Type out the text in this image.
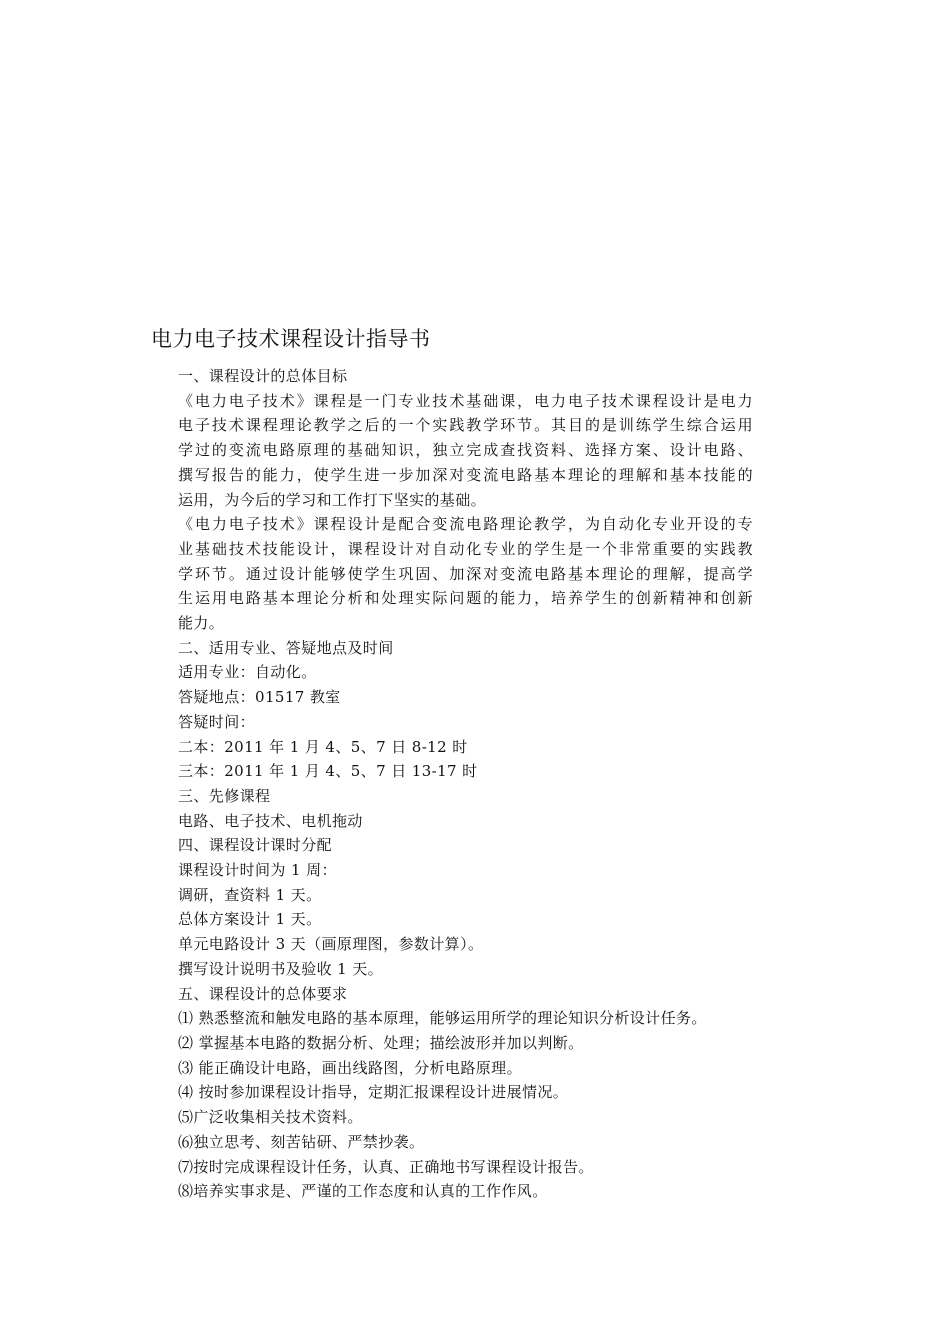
电力电子技术课程设计指导书
一、课程设计的总体目标
《电力电子技术》课程是一门专业技术基础课，电力电子技术课程设计是电力
电子技术课程理论教学之后的一个实践教学环节。其目的是训练学生综合运用
学过的变流电路原理的基础知识，独立完成查找资料、选择方案、设计电路、
撰写报告的能力，使学生进一步加深对变流电路基本理论的理解和基本技能的
运用，为今后的学习和工作打下坚实的基础。
《电力电子技术》课程设计是配合变流电路理论教学，为自动化专业开设的专
业基础技术技能设计，课程设计对自动化专业的学生是一个非常重要的实践教
学环节。通过设计能够使学生巩固、加深对变流电路基本理论的理解，提高学
生运用电路基本理论分析和处理实际问题的能力，培养学生的创新精神和创新
能力。
二、适用专业、答疑地点及时间
适用专业：自动化。
答疑地点：01517 教室
答疑时间：
二本：2011 年 1 月 4、5、7 日 8-12 时
三本：2011 年 1 月 4、5、7 日 13-17 时
三、先修课程
电路、电子技术、电机拖动
四、课程设计课时分配
课程设计时间为 1 周：
调研，查资料 1 天。
总体方案设计 1 天。
单元电路设计 3 天（画原理图，参数计算）。
撰写设计说明书及验收 1 天。
五、课程设计的总体要求
⑴ 熟悉整流和触发电路的基本原理，能够运用所学的理论知识分析设计任务。
⑵ 掌握基本电路的数据分析、处理；描绘波形并加以判断。
⑶ 能正确设计电路，画出线路图，分析电路原理。
⑷ 按时参加课程设计指导，定期汇报课程设计进展情况。
⑸广泛收集相关技术资料。
⑹独立思考、刻苦钻研、严禁抄袭。
⑺按时完成课程设计任务，认真、正确地书写课程设计报告。
⑻培养实事求是、严谨的工作态度和认真的工作作风。
